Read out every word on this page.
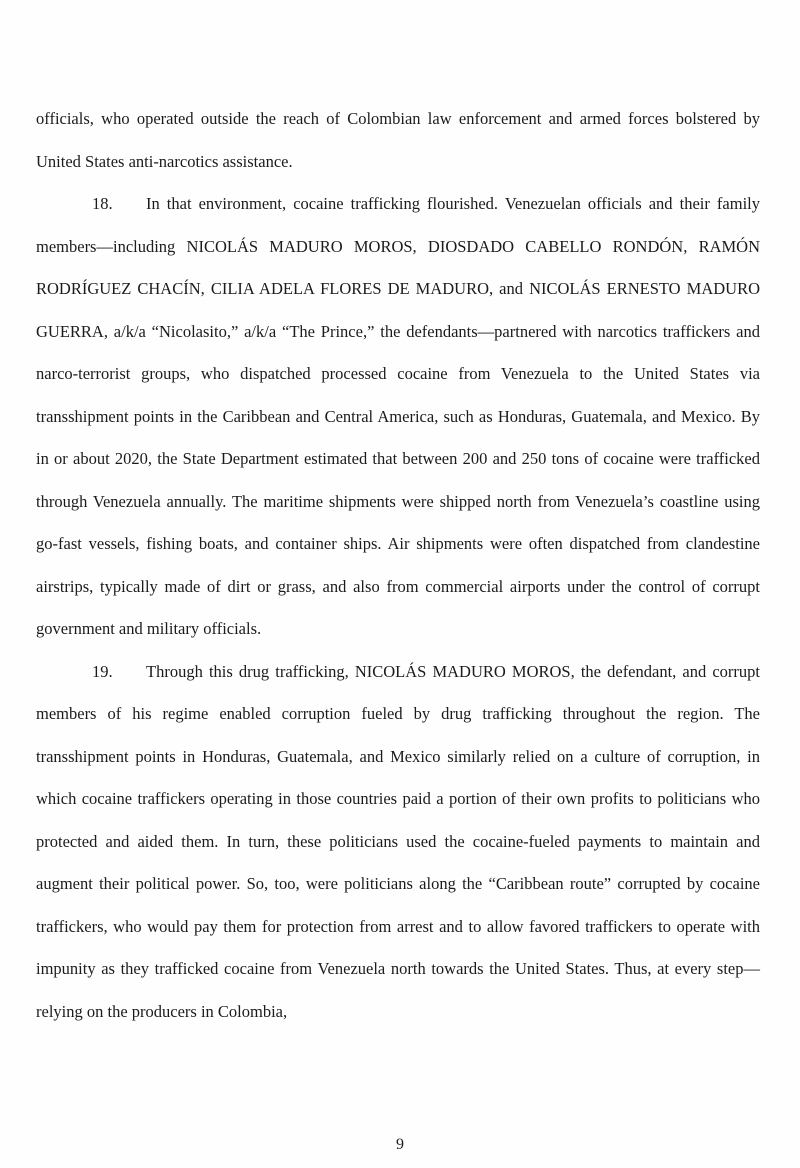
officials, who operated outside the reach of Colombian law enforcement and armed forces bolstered by United States anti-narcotics assistance.

18. In that environment, cocaine trafficking flourished. Venezuelan officials and their family members—including NICOLÁS MADURO MOROS, DIOSDADO CABELLO RONDÓN, RAMÓN RODRÍGUEZ CHACÍN, CILIA ADELA FLORES DE MADURO, and NICOLÁS ERNESTO MADURO GUERRA, a/k/a “Nicolasito,” a/k/a “The Prince,” the defendants—partnered with narcotics traffickers and narco-terrorist groups, who dispatched processed cocaine from Venezuela to the United States via transshipment points in the Caribbean and Central America, such as Honduras, Guatemala, and Mexico. By in or about 2020, the State Department estimated that between 200 and 250 tons of cocaine were trafficked through Venezuela annually. The maritime shipments were shipped north from Venezuela’s coastline using go-fast vessels, fishing boats, and container ships. Air shipments were often dispatched from clandestine airstrips, typically made of dirt or grass, and also from commercial airports under the control of corrupt government and military officials.

19. Through this drug trafficking, NICOLÁS MADURO MOROS, the defendant, and corrupt members of his regime enabled corruption fueled by drug trafficking throughout the region. The transshipment points in Honduras, Guatemala, and Mexico similarly relied on a culture of corruption, in which cocaine traffickers operating in those countries paid a portion of their own profits to politicians who protected and aided them. In turn, these politicians used the cocaine-fueled payments to maintain and augment their political power. So, too, were politicians along the “Caribbean route” corrupted by cocaine traffickers, who would pay them for protection from arrest and to allow favored traffickers to operate with impunity as they trafficked cocaine from Venezuela north towards the United States. Thus, at every step—relying on the producers in Colombia,

9
